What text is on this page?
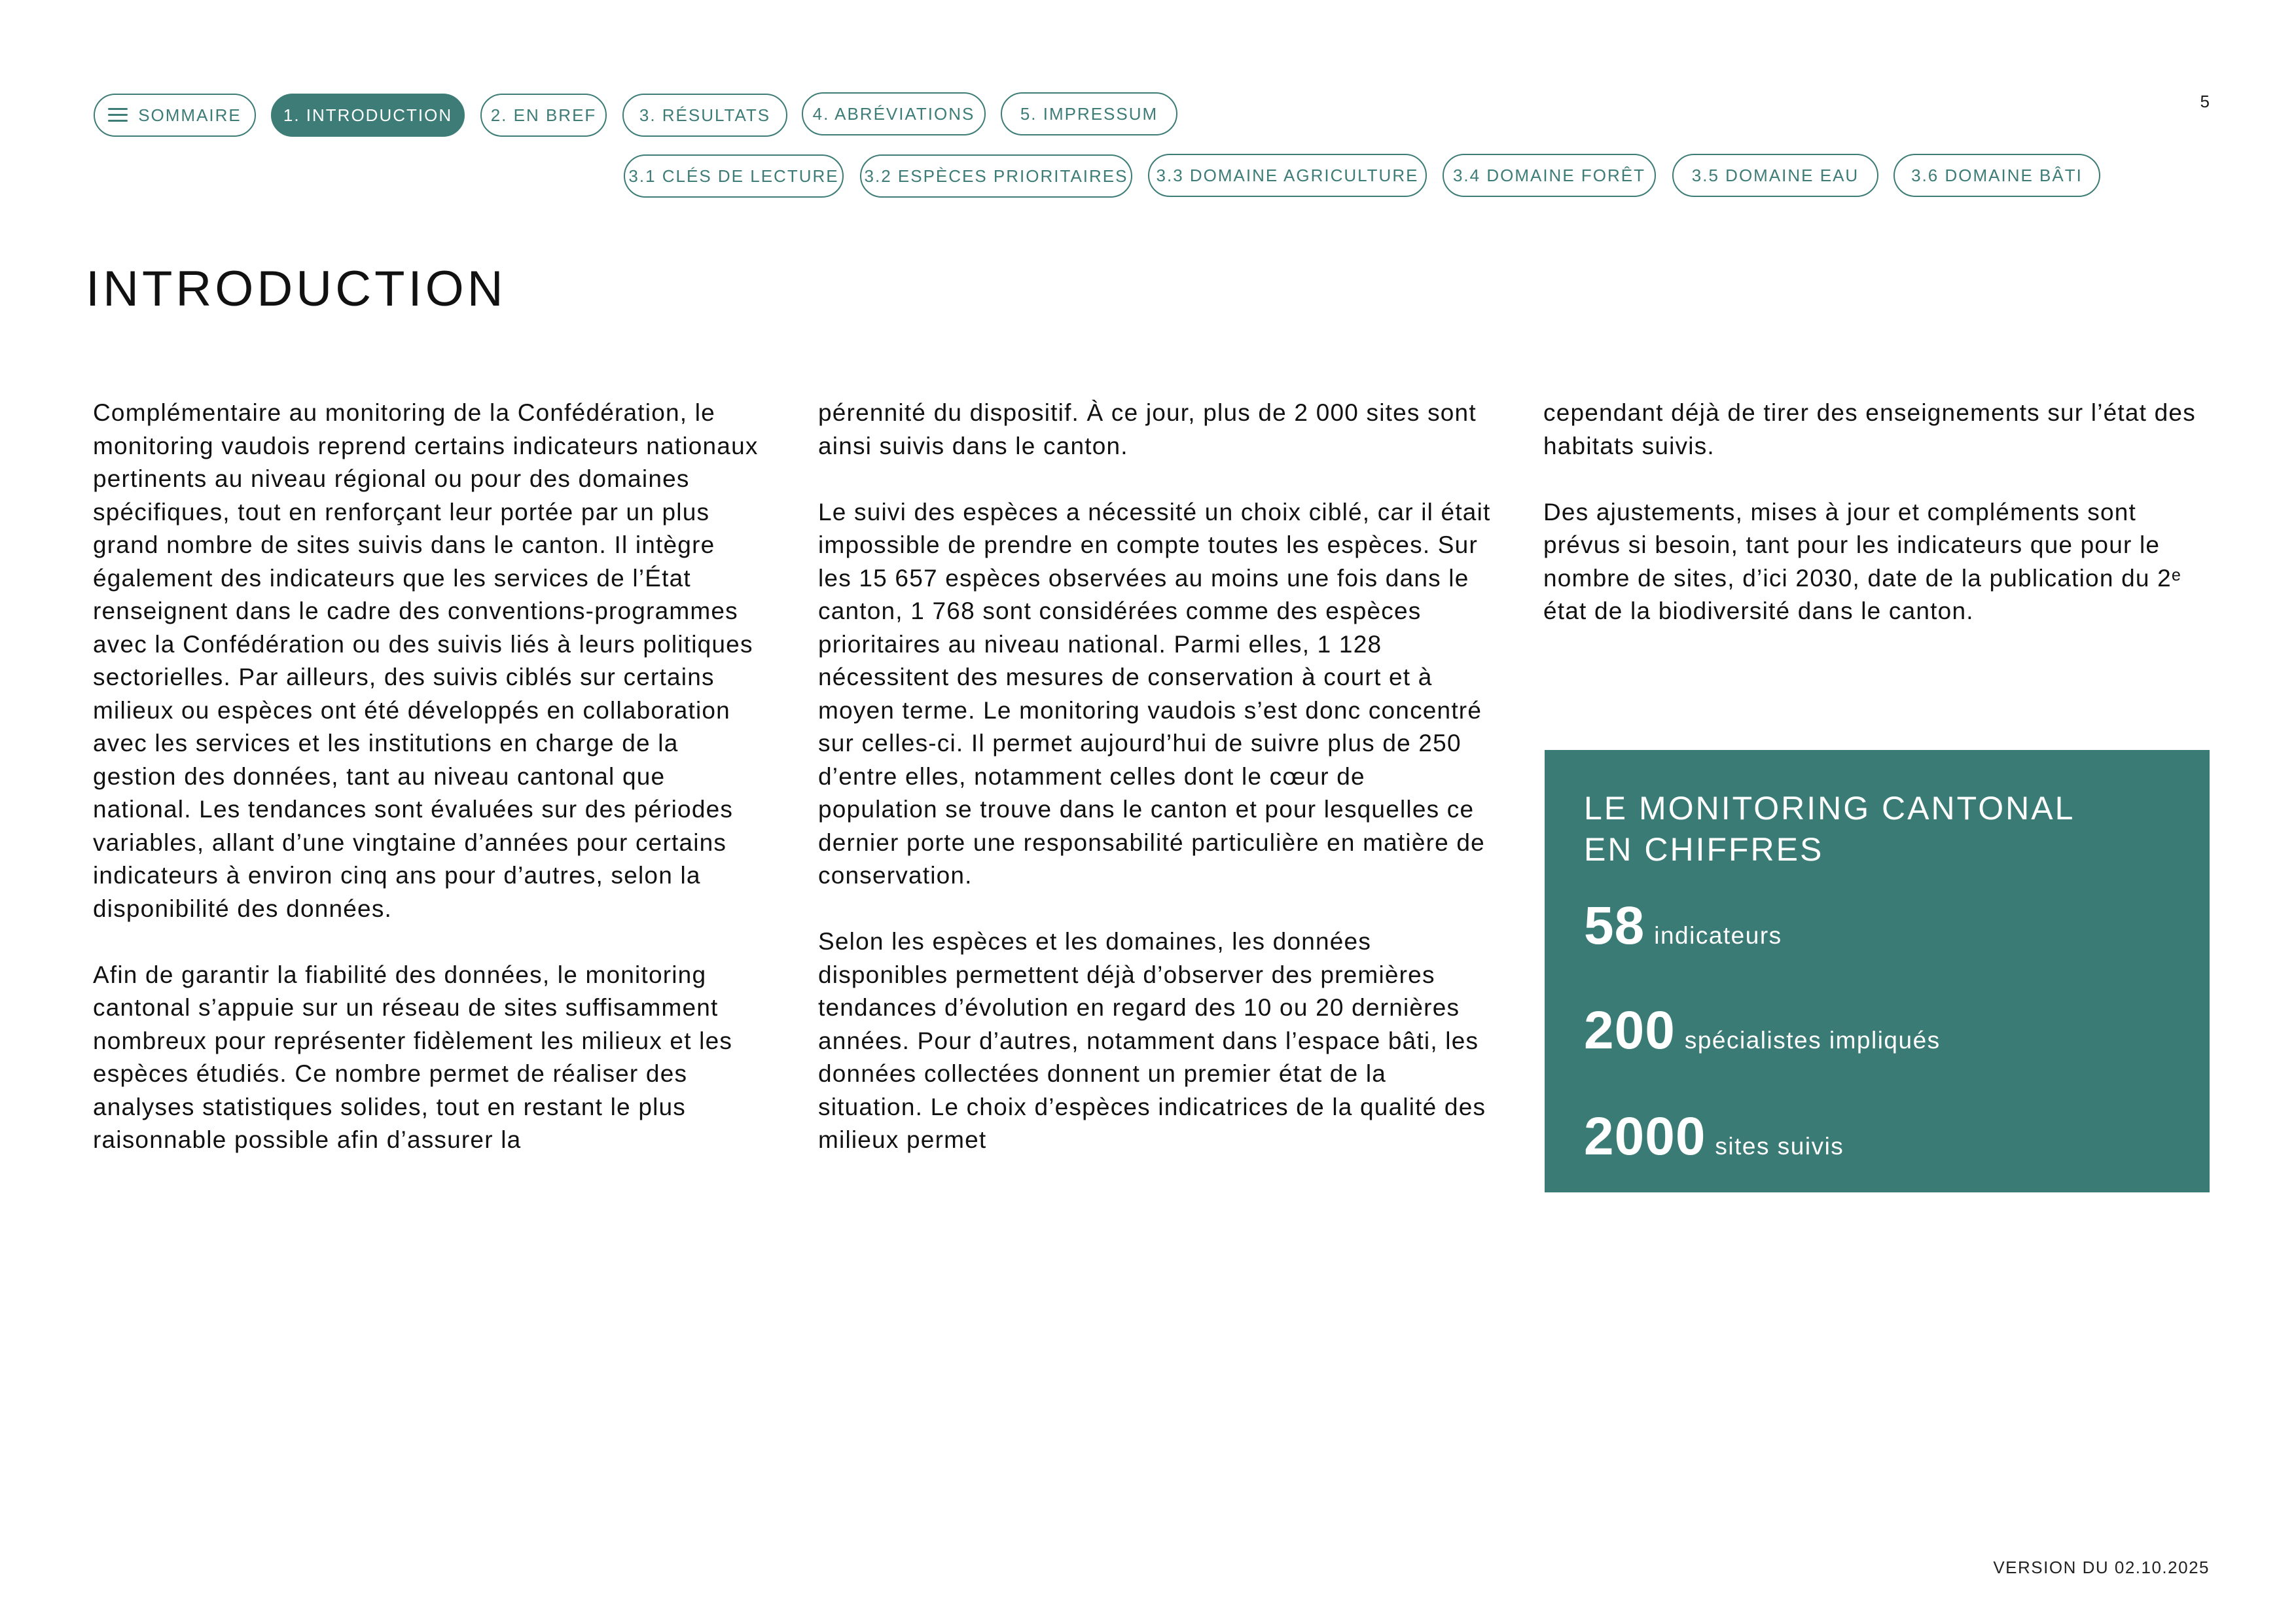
SOMMAIRE 1. INTRODUCTION 2. EN BREF	3. RÉSULTATS 4. ABRÉVIATIONS	5. IMPRESSUM
3.1 CLÉS DE LECTURE 3.2 ESPÈCES PRIORITAIRES 3.3 DOMAINE AGRICULTURE 3.4 DOMAINE FORÊT	3.5 DOMAINE EAU	3.6 DOMAINE BÂTI
5
INTRODUCTION

Complémentaire au monitoring de la Confédération, le monitoring vaudois reprend certains indicateurs nationaux pertinents au niveau régional ou pour des domaines spécifiques, tout en renforçant leur portée par un plus grand nombre de sites suivis dans le canton. Il intègre également des indicateurs que les services de l’État renseignent dans le cadre des conventions-programmes avec la Confédération ou des suivis liés à leurs politiques sectorielles. Par ailleurs, des suivis ciblés sur certains milieux ou espèces ont été développés en collaboration avec les services et les institutions en charge de la gestion des données, tant au niveau cantonal que national. Les tendances sont évaluées sur des périodes variables, allant d’une vingtaine d’années pour certains indicateurs à environ cinq ans pour d’autres, selon la disponibilité des données.

Afin de garantir la fiabilité des données, le monitoring cantonal s’appuie sur un réseau de sites suffisamment nombreux pour représenter fidèlement les milieux et les espèces étudiés. Ce nombre permet de réaliser des analyses statistiques solides, tout en restant le plus raisonnable possible afin d’assurer la

pérennité du dispositif. À ce jour, plus de 2 000 sites sont ainsi suivis dans le canton.

Le suivi des espèces a nécessité un choix ciblé, car il était impossible de prendre en compte toutes les espèces. Sur les 15 657 espèces observées au moins une fois dans le canton, 1 768 sont considérées comme des espèces prioritaires au niveau national. Parmi elles, 1 128 nécessitent des mesures de conservation à court et à moyen terme. Le monitoring vaudois s’est donc concentré sur celles-ci. Il permet aujourd’hui de suivre plus de 250 d’entre elles, notamment celles dont le cœur de population se trouve dans le canton et pour lesquelles ce dernier porte une responsabilité particulière en matière de conservation.

Selon les espèces et les domaines, les données disponibles permettent déjà d’observer des premières tendances d’évolution en regard des 10 ou 20 dernières années. Pour d’autres, notamment dans l’espace bâti, les données collectées donnent un premier état de la situation. Le choix d’espèces indicatrices de la qualité des milieux permet

cependant déjà de tirer des enseignements sur l’état des habitats suivis.

Des ajustements, mises à jour et compléments sont prévus si besoin, tant pour les indicateurs que pour le nombre de sites, d’ici 2030, date de la publication du 2ᵉ état de la biodiversité dans le canton.

LE MONITORING CANTONAL
EN CHIFFRES
58 indicateurs
200 spécialistes impliqués
2000 sites suivis
VERSION DU 02.10.2025
